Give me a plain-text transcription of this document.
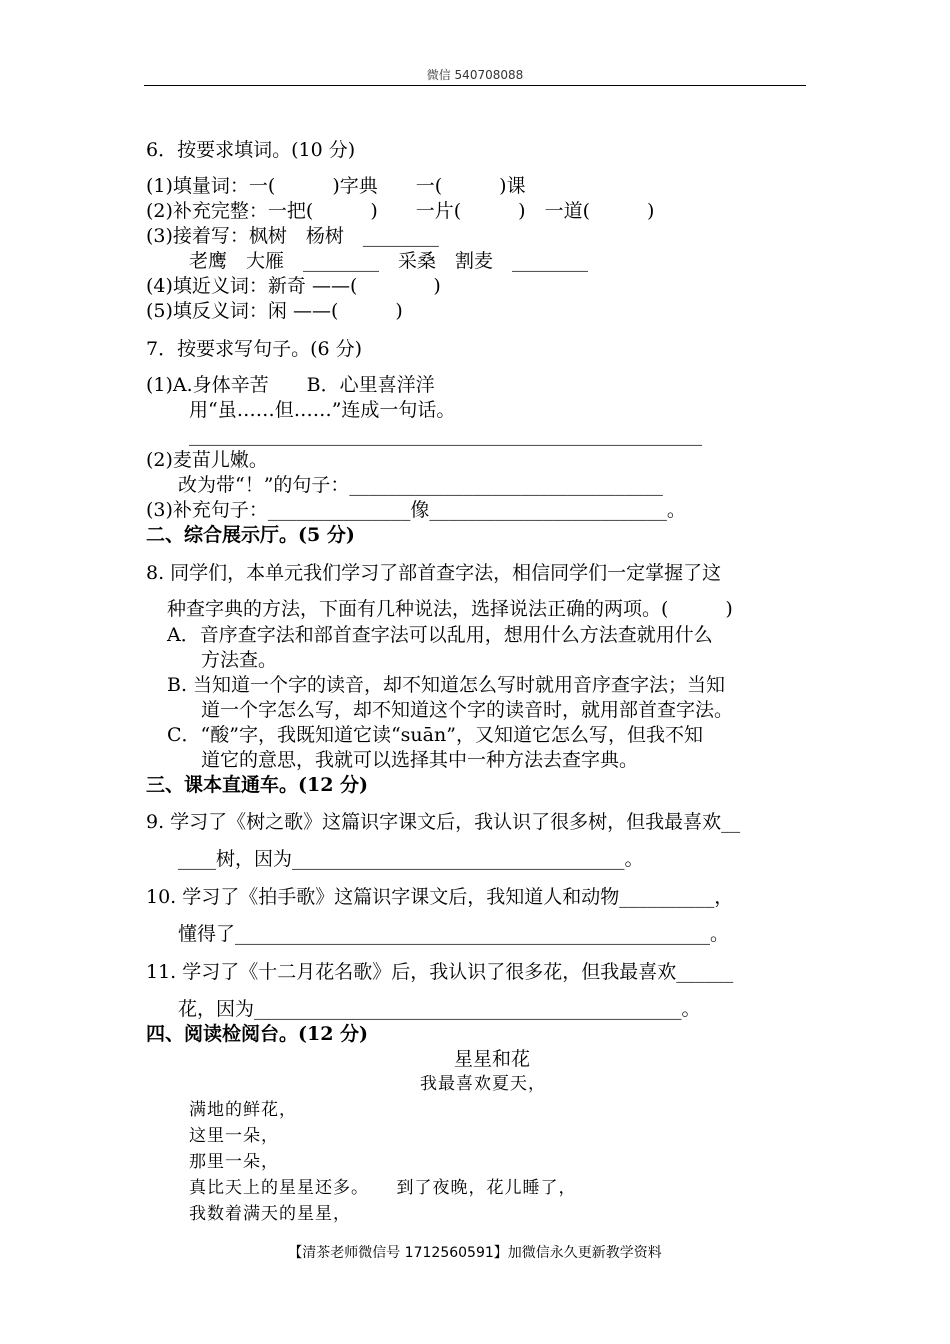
微信 540708088
6．按要求填词。(10 分)
(1)填量词：一(　　　)字典　　一(　　　)课
(2)补充完整：一把(　　　)　　一片(　　　)　一道(　　　)
(3)接着写：枫树　杨树　________
老鹰　大雁　________　采桑　割麦　________
(4)填近义词：新奇 ——(　　　　)
(5)填反义词：闲 ——(　　　)
7．按要求写句子。(6 分)
(1)A.身体辛苦　　B．心里喜洋洋
用“虽……但……”连成一句话。
______________________________________________________
(2)麦苗儿嫩。
改为带“！”的句子：_________________________________
(3)补充句子：_______________像_________________________。
二、综合展示厅。(5 分)
8. 同学们，本单元我们学习了部首查字法，相信同学们一定掌握了这
种查字典的方法，下面有几种说法，选择说法正确的两项。(　　　)
A．音序查字法和部首查字法可以乱用，想用什么方法查就用什么
方法查。
B. 当知道一个字的读音，却不知道怎么写时就用音序查字法；当知
道一个字怎么写，却不知道这个字的读音时，就用部首查字法。
C．“酸”字，我既知道它读“suān”，又知道它怎么写，但我不知
道它的意思，我就可以选择其中一种方法去查字典。
三、课本直通车。(12 分)
9. 学习了《树之歌》这篇识字课文后，我认识了很多树，但我最喜欢__
____树，因为___________________________________。
10. 学习了《拍手歌》这篇识字课文后，我知道人和动物__________，
懂得了__________________________________________________。
11. 学习了《十二月花名歌》后，我认识了很多花，但我最喜欢______
花，因为_____________________________________________。
四、阅读检阅台。(12 分)
星星和花
我最喜欢夏天，
满地的鲜花，
这里一朵，
那里一朵，
真比天上的星星还多。　　到了夜晚，花儿睡了，
我数着满天的星星，
【清茶老师微信号 1712560591】加微信永久更新教学资料
